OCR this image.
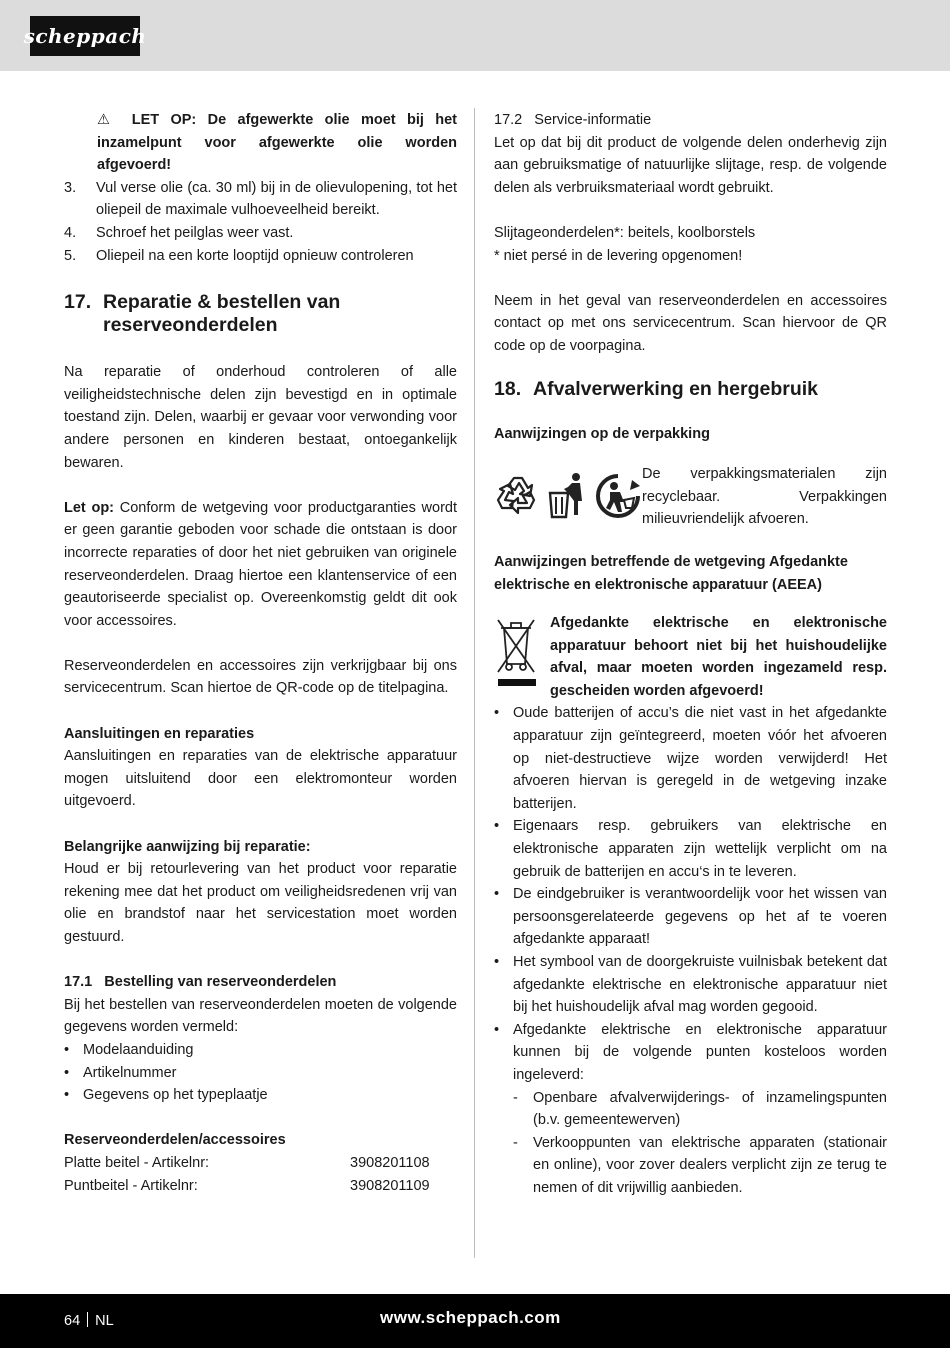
scheppach
⚠ LET OP: De afgewerkte olie moet bij het inzamelpunt voor afgewerkte olie worden afgevoerd!
3.	Vul verse olie (ca. 30 ml) bij in de olievulopening, tot het oliepeil de maximale vulhoeveelheid bereikt.
4.	Schroef het peilglas weer vast.
5.	Oliepeil na een korte looptijd opnieuw controleren
17. Reparatie & bestellen van reserveonderdelen

Na reparatie of onderhoud controleren of alle veiligheidstechnische delen zijn bevestigd en in optimale toestand zijn. Delen, waarbij er gevaar voor verwonding voor andere personen en kinderen bestaat, ontoegankelijk bewaren.

Let op: Conform de wetgeving voor productgaranties wordt er geen garantie geboden voor schade die ontstaan is door incorrecte reparaties of door het niet gebruiken van originele reserveonderdelen. Draag hiertoe een klantenservice of een geautoriseerde specialist op. Overeenkomstig geldt dit ook voor accessoires.

Reserveonderdelen en accessoires zijn verkrijgbaar bij ons servicecentrum. Scan hiertoe de QR-code op de titelpagina.

Aansluitingen en reparaties

Aansluitingen en reparaties van de elektrische apparatuur mogen uitsluitend door een elektromonteur worden uitgevoerd.

Belangrijke aanwijzing bij reparatie:

Houd er bij retourlevering van het product voor reparatie rekening mee dat het product om veiligheidsredenen vrij van olie en brandstof naar het servicestation moet worden gestuurd.

17.1   Bestelling van reserveonderdelen

Bij het bestellen van reserveonderdelen moeten de volgende gegevens worden vermeld:

• Modelaanduiding
• Artikelnummer
• Gegevens op het typeplaatje

Reserveonderdelen/accessoires

Platte beitel - Artikelnr:	3908201108
Puntbeitel - Artikelnr:	3908201109

17.2   Service-informatie

Let op dat bij dit product de volgende delen onderhevig zijn aan gebruiksmatige of natuurlijke slijtage, resp. de volgende delen als verbruiksmateriaal wordt gebruikt.

Slijtageonderdelen*: beitels, koolborstels

* niet persé in de levering opgenomen!

Neem in het geval van reserveonderdelen en accessoires contact op met ons servicecentrum. Scan hiervoor de QR code op de voorpagina.

18. Afvalverwerking en hergebruik

Aanwijzingen op de verpakking

De verpakkingsmaterialen zijn recyclebaar. Verpakkingen milieuvriendelijk afvoeren.

Aanwijzingen betreffende de wetgeving Afgedankte elektrische en elektronische apparatuur (AEEA)

Afgedankte elektrische en elektronische apparatuur behoort niet bij het huishoudelijke afval, maar moeten worden ingezameld resp. gescheiden worden afgevoerd!

• Oude batterijen of accu’s die niet vast in het afgedankte apparatuur zijn geïntegreerd, moeten vóór het afvoeren op niet-destructieve wijze worden verwijderd! Het afvoeren hiervan is geregeld in de wetgeving inzake batterijen.
• Eigenaars resp. gebruikers van elektrische en elektronische apparaten zijn wettelijk verplicht om na gebruik de batterijen en accu‘s in te leveren.
• De eindgebruiker is verantwoordelijk voor het wissen van persoonsgerelateerde gegevens op het af te voeren afgedankte apparaat!
• Het symbool van de doorgekruiste vuilnisbak betekent dat afgedankte elektrische en elektronische apparatuur niet bij het huishoudelijk afval mag worden gegooid.
• Afgedankte elektrische en elektronische apparatuur kunnen bij de volgende punten kosteloos worden ingeleverd:
-	Openbare afvalverwijderings- of inzamelingspunten (b.v. gemeentewerven)
-	Verkooppunten van elektrische apparaten (stationair en online), voor zover dealers verplicht zijn ze terug te nemen of dit vrijwillig aanbieden.
64 NL	www.scheppach.com
